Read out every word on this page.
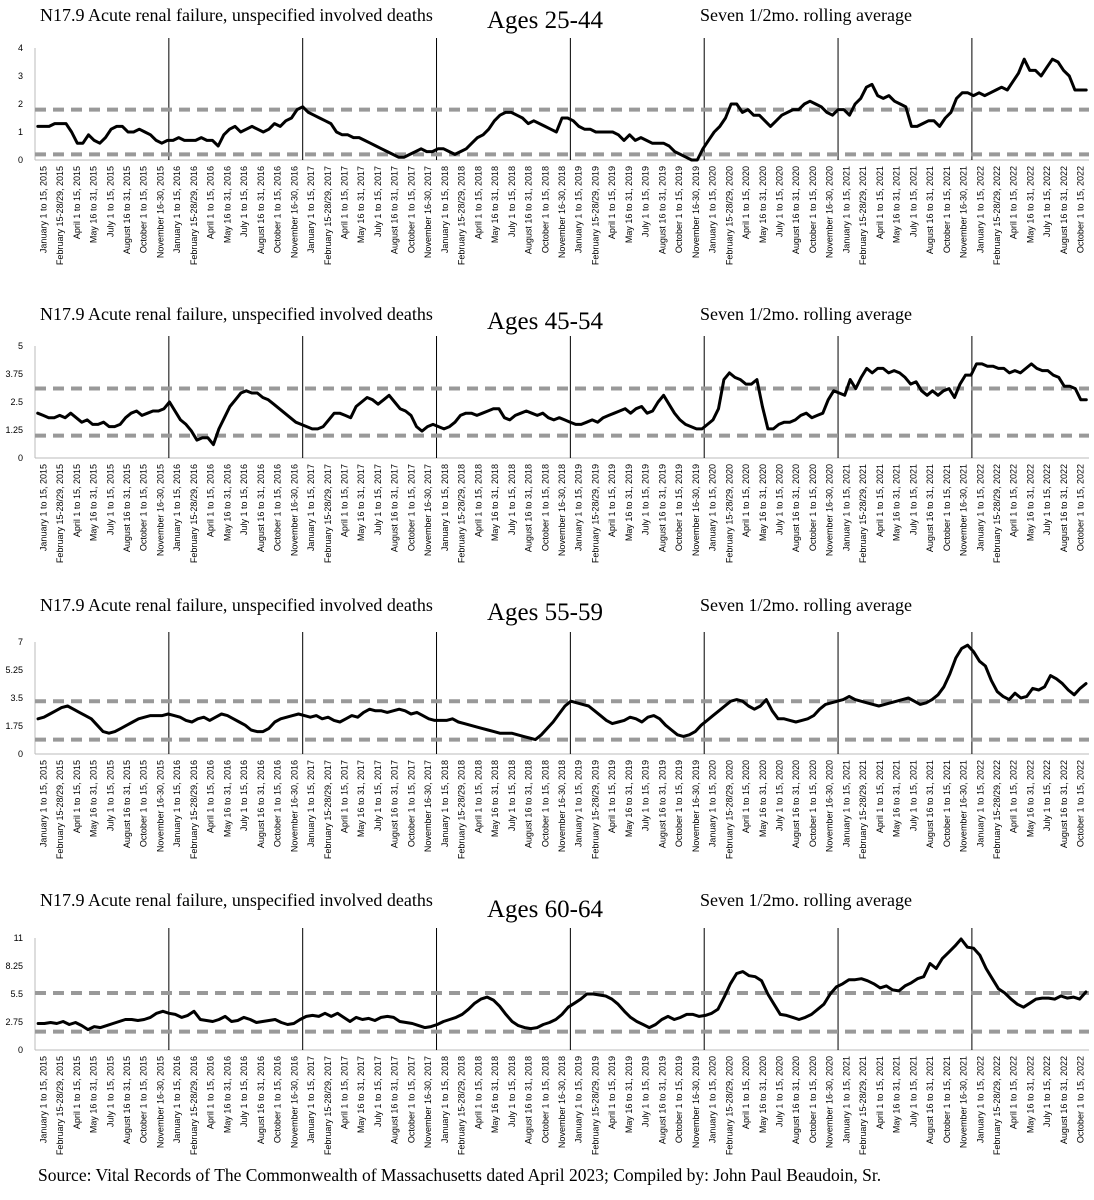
N17.9 Acute renal failure, unspecified involved deaths Ages 25-44	Seven 1/2mo. rolling average
0
1
2
3
4
January 1 to 15, 2015 February 15-28/29, 2015 April 1 to 15, 2015 May 16 to 31, 2015 July 1 to 15, 2015 August 16 to 31, 2015 October 1 to 15, 2015 November 16-30, 2015 January 1 to 15, 2016 February 15-28/29, 2016 April 1 to 15, 2016 May 16 to 31, 2016 July 1 to 15, 2016 August 16 to 31, 2016 October 1 to 15, 2016 November 16-30, 2016 January 1 to 15, 2017 February 15-28/29, 2017 April 1 to 15, 2017 May 16 to 31, 2017 July 1 to 15, 2017 August 16 to 31, 2017 October 1 to 15, 2017 November 16-30, 2017 January 1 to 15, 2018 February 15-28/29, 2018 April 1 to 15, 2018 May 16 to 31, 2018 July 1 to 15, 2018 August 16 to 31, 2018 October 1 to 15, 2018 November 16-30, 2018 January 1 to 15, 2019 February 15-28/29, 2019 April 1 to 15, 2019 May 16 to 31, 2019 July 1 to 15, 2019 August 16 to 31, 2019 October 1 to 15, 2019 November 16-30, 2019 January 1 to 15, 2020 February 15-28/29, 2020 April 1 to 15, 2020 May 16 to 31, 2020 July 1 to 15, 2020 August 16 to 31, 2020 October 1 to 15, 2020 November 16-30, 2020 January 1 to 15, 2021 February 15-28/29, 2021 April 1 to 15, 2021 May 16 to 31, 2021 July 1 to 15, 2021 August 16 to 31, 2021 October 1 to 15, 2021 November 16-30, 2021 January 1 to 15, 2022 February 15-28/29, 2022 April 1 to 15, 2022 May 16 to 31, 2022 July 1 to 15, 2022 August 16 to 31, 2022 October 1 to 15, 2022
N17.9 Acute renal failure, unspecified involved deaths Ages 45-54	Seven 1/2mo. rolling average
0
1.25
2.5
3.75
5
January 1 to 15, 2015 February 15-28/29, 2015 April 1 to 15, 2015 May 16 to 31, 2015 July 1 to 15, 2015 August 16 to 31, 2015 October 1 to 15, 2015 November 16-30, 2015 January 1 to 15, 2016 February 15-28/29, 2016 April 1 to 15, 2016 May 16 to 31, 2016 July 1 to 15, 2016 August 16 to 31, 2016 October 1 to 15, 2016 November 16-30, 2016 January 1 to 15, 2017 February 15-28/29, 2017 April 1 to 15, 2017 May 16 to 31, 2017 July 1 to 15, 2017 August 16 to 31, 2017 October 1 to 15, 2017 November 16-30, 2017 January 1 to 15, 2018 February 15-28/29, 2018 April 1 to 15, 2018 May 16 to 31, 2018 July 1 to 15, 2018 August 16 to 31, 2018 October 1 to 15, 2018 November 16-30, 2018 January 1 to 15, 2019 February 15-28/29, 2019 April 1 to 15, 2019 May 16 to 31, 2019 July 1 to 15, 2019 August 16 to 31, 2019 October 1 to 15, 2019 November 16-30, 2019 January 1 to 15, 2020 February 15-28/29, 2020 April 1 to 15, 2020 May 16 to 31, 2020 July 1 to 15, 2020 August 16 to 31, 2020 October 1 to 15, 2020 November 16-30, 2020 January 1 to 15, 2021 February 15-28/29, 2021 April 1 to 15, 2021 May 16 to 31, 2021 July 1 to 15, 2021 August 16 to 31, 2021 October 1 to 15, 2021 November 16-30, 2021 January 1 to 15, 2022 February 15-28/29, 2022 April 1 to 15, 2022 May 16 to 31, 2022 July 1 to 15, 2022 August 16 to 31, 2022 October 1 to 15, 2022
N17.9 Acute renal failure, unspecified involved deaths Ages 55-59	Seven 1/2mo. rolling average
0
1.75
3.5
5.25
7
January 1 to 15, 2015 February 15-28/29, 2015 April 1 to 15, 2015 May 16 to 31, 2015 July 1 to 15, 2015 August 16 to 31, 2015 October 1 to 15, 2015 November 16-30, 2015 January 1 to 15, 2016 February 15-28/29, 2016 April 1 to 15, 2016 May 16 to 31, 2016 July 1 to 15, 2016 August 16 to 31, 2016 October 1 to 15, 2016 November 16-30, 2016 January 1 to 15, 2017 February 15-28/29, 2017 April 1 to 15, 2017 May 16 to 31, 2017 July 1 to 15, 2017 August 16 to 31, 2017 October 1 to 15, 2017 November 16-30, 2017 January 1 to 15, 2018 February 15-28/29, 2018 April 1 to 15, 2018 May 16 to 31, 2018 July 1 to 15, 2018 August 16 to 31, 2018 October 1 to 15, 2018 November 16-30, 2018 January 1 to 15, 2019 February 15-28/29, 2019 April 1 to 15, 2019 May 16 to 31, 2019 July 1 to 15, 2019 August 16 to 31, 2019 October 1 to 15, 2019 November 16-30, 2019 January 1 to 15, 2020 February 15-28/29, 2020 April 1 to 15, 2020 May 16 to 31, 2020 July 1 to 15, 2020 August 16 to 31, 2020 October 1 to 15, 2020 November 16-30, 2020 January 1 to 15, 2021 February 15-28/29, 2021 April 1 to 15, 2021 May 16 to 31, 2021 July 1 to 15, 2021 August 16 to 31, 2021 October 1 to 15, 2021 November 16-30, 2021 January 1 to 15, 2022 February 15-28/29, 2022 April 1 to 15, 2022 May 16 to 31, 2022 July 1 to 15, 2022 August 16 to 31, 2022 October 1 to 15, 2022
N17.9 Acute renal failure, unspecified involved deaths Ages 60-64	Seven 1/2mo. rolling average
0
2.75
5.5
8.25
11
January 1 to 15, 2015 February 15-28/29, 2015 April 1 to 15, 2015 May 16 to 31, 2015 July 1 to 15, 2015 August 16 to 31, 2015 October 1 to 15, 2015 November 16-30, 2015 January 1 to 15, 2016 February 15-28/29, 2016 April 1 to 15, 2016 May 16 to 31, 2016 July 1 to 15, 2016 August 16 to 31, 2016 October 1 to 15, 2016 November 16-30, 2016 January 1 to 15, 2017 February 15-28/29, 2017 April 1 to 15, 2017 May 16 to 31, 2017 July 1 to 15, 2017 August 16 to 31, 2017 October 1 to 15, 2017 November 16-30, 2017 January 1 to 15, 2018 February 15-28/29, 2018 April 1 to 15, 2018 May 16 to 31, 2018 July 1 to 15, 2018 August 16 to 31, 2018 October 1 to 15, 2018 November 16-30, 2018 January 1 to 15, 2019 February 15-28/29, 2019 April 1 to 15, 2019 May 16 to 31, 2019 July 1 to 15, 2019 August 16 to 31, 2019 October 1 to 15, 2019 November 16-30, 2019 January 1 to 15, 2020 February 15-28/29, 2020 April 1 to 15, 2020 May 16 to 31, 2020 July 1 to 15, 2020 August 16 to 31, 2020 October 1 to 15, 2020 November 16-30, 2020 January 1 to 15, 2021 February 15-28/29, 2021 April 1 to 15, 2021 May 16 to 31, 2021 July 1 to 15, 2021 August 16 to 31, 2021 October 1 to 15, 2021 November 16-30, 2021 January 1 to 15, 2022 February 15-28/29, 2022 April 1 to 15, 2022 May 16 to 31, 2022 July 1 to 15, 2022 August 16 to 31, 2022 October 1 to 15, 2022
Source: Vital Records of The Commonwealth of Massachusetts dated April 2023; Compiled by: John Paul Beaudoin, Sr.
